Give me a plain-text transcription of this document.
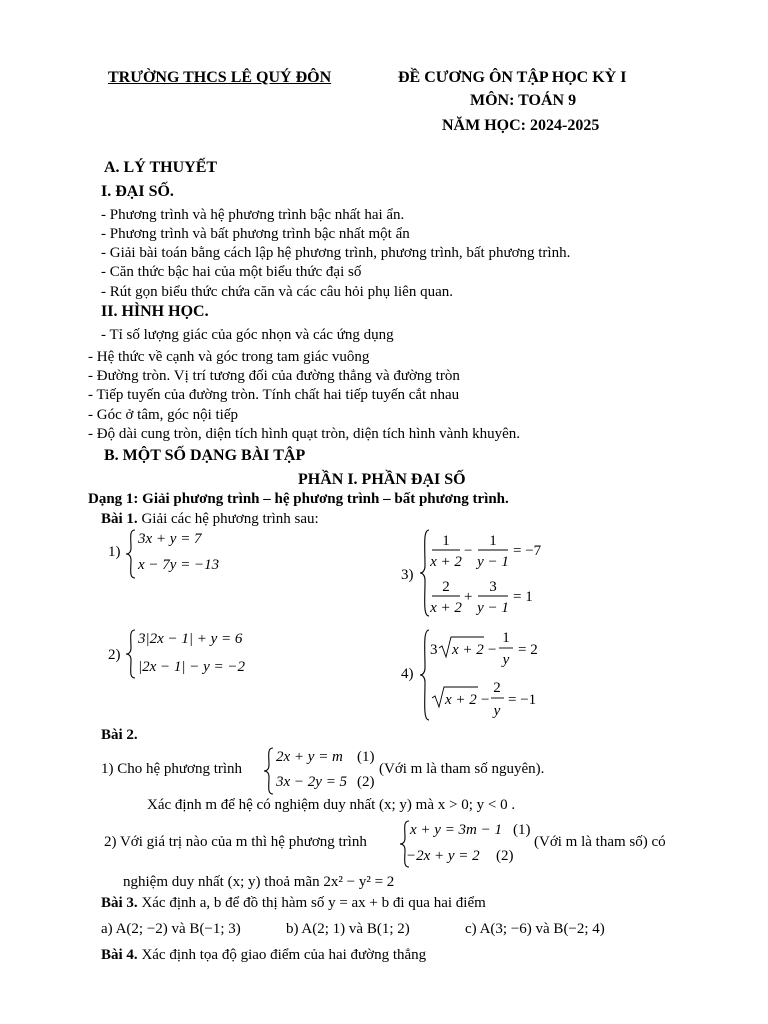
TRƯỜNG THCS LÊ QUÝ ĐÔN	ĐỀ CƯƠNG ÔN TẬP HỌC KỲ I
MÔN: TOÁN 9
NĂM HỌC: 2024-2025
A. LÝ THUYẾT
I. ĐẠI SỐ.
- Phương trình và hệ phương trình bậc nhất hai ẩn.
- Phương trình và bất phương trình bậc nhất một ẩn
- Giải bài toán bằng cách lập hệ phương trình, phương trình, bất phương trình.
- Căn thức bậc hai của một biểu thức đại số
- Rút gọn biểu thức chứa căn và các câu hỏi phụ liên quan.
II. HÌNH HỌC.
- Tỉ số lượng giác của góc nhọn và các ứng dụng
- Hệ thức về cạnh và góc trong tam giác vuông
- Đường tròn. Vị trí tương đối của đường thẳng và đường tròn
- Tiếp tuyến của đường tròn. Tính chất hai tiếp tuyến cắt nhau
- Góc ở tâm, góc nội tiếp
- Độ dài cung tròn, diện tích hình quạt tròn, diện tích hình vành khuyên.
B. MỘT SỐ DẠNG BÀI TẬP
PHẦN I. PHẦN ĐẠI SỐ
Dạng 1: Giải phương trình – hệ phương trình – bất phương trình.
Bài 1. Giải các hệ phương trình sau:
1)
3x + y = 7
x − 7y = −13
3)
1
x + 2
−
1
y − 1
= −7
2
x + 2
+
3
y − 1
= 1
2)
3|2x − 1| + y = 6
|2x − 1| − y = −2	4)
3 x + 2 −
1
y
= 2
x + 2 −
2
y
= −1
Bài 2.
1) Cho hệ phương trình
2x + y = m (1)
3x − 2y = 5 (2)
(Với m là tham số nguyên).
Xác định m để hệ có nghiệm duy nhất (x; y) mà x > 0; y < 0 .
2) Với giá trị nào của m thì hệ phương trình
x + y = 3m − 1 (1)
−2x + y = 2 (2)
(Với m là tham số) có
nghiệm duy nhất (x; y) thoả mãn 2x² − y² = 2
Bài 3. Xác định a, b để đồ thị hàm số y = ax + b đi qua hai điểm
a) A(2; −2) và B(−1; 3)	b) A(2; 1) và B(1; 2)	c) A(3; −6) và B(−2; 4)
Bài 4. Xác định tọa độ giao điểm của hai đường thẳng
